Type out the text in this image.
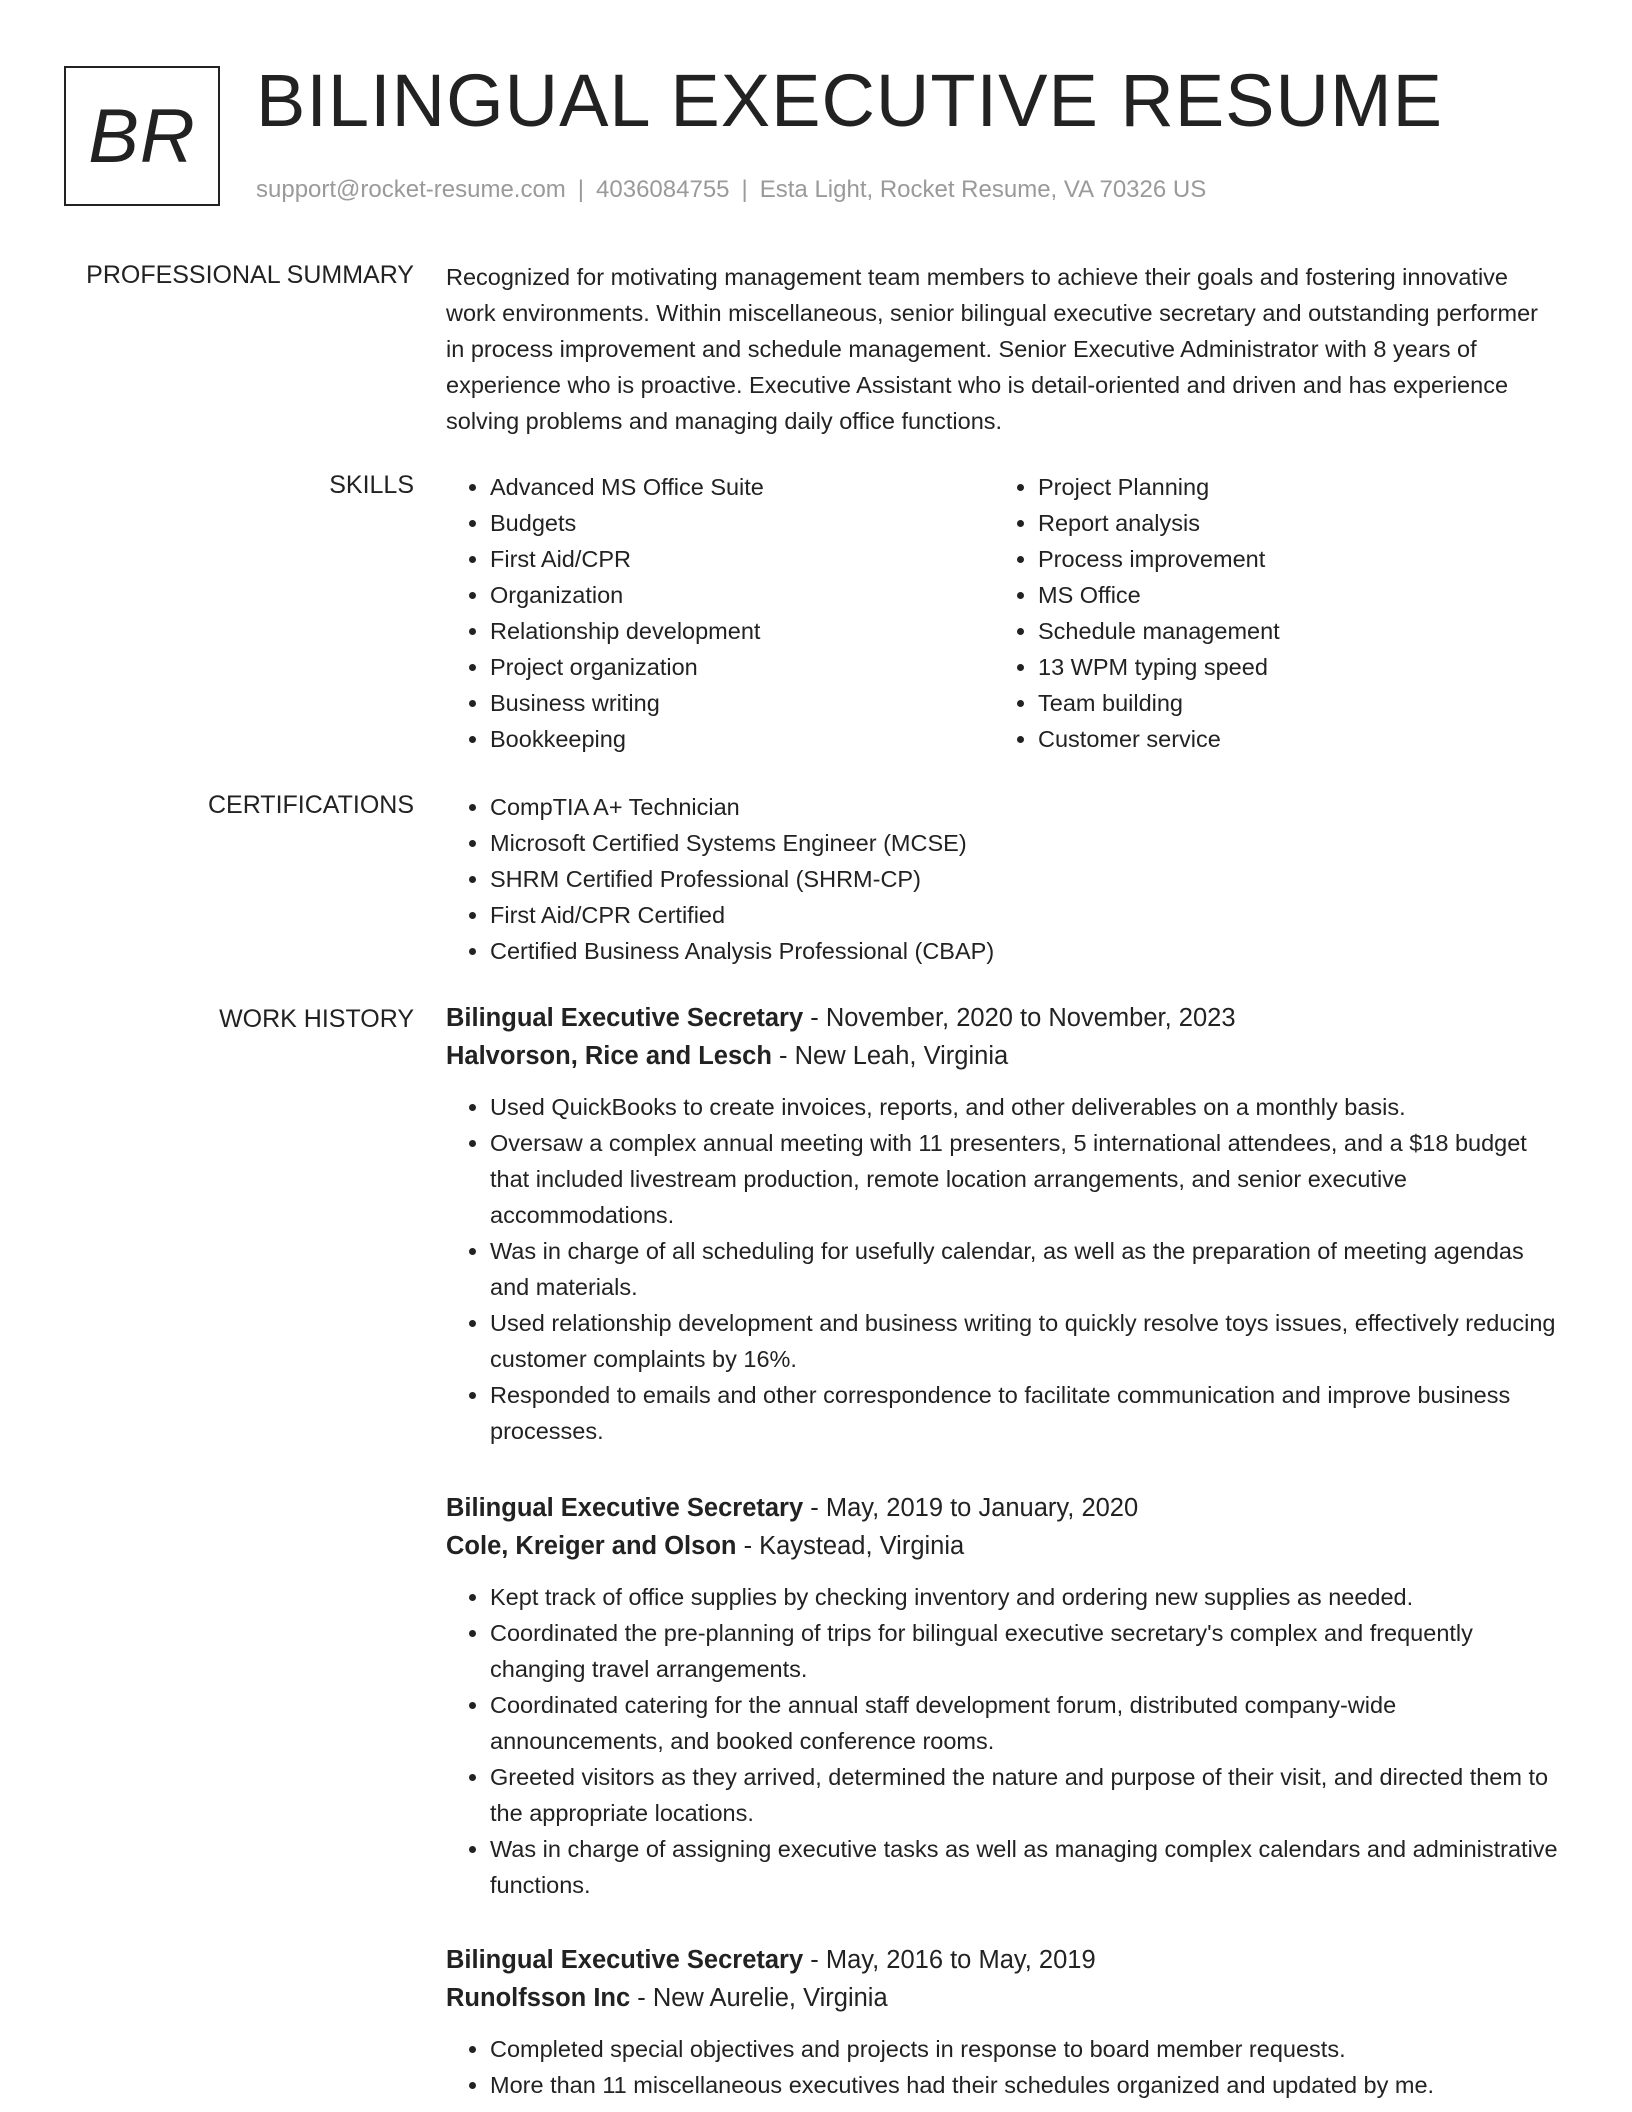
BR BILINGUAL EXECUTIVE RESUME
support@rocket-resume.com | 4036084755 | Esta Light, Rocket Resume, VA 70326 US
PROFESSIONAL SUMMARY Recognized for motivating management team members to achieve their goals and fostering innovative work environments. Within miscellaneous, senior bilingual executive secretary and outstanding performer in process improvement and schedule management. Senior Executive Administrator with 8 years of experience who is proactive. Executive Assistant who is detail-oriented and driven and has experience solving problems and managing daily office functions.

SKILLS	• Advanced MS Office Suite
• Budgets
• First Aid/CPR
• Organization
• Relationship development
• Project organization
• Business writing
• Bookkeeping
• Project Planning
• Report analysis
• Process improvement
• MS Office
• Schedule management
• 13 WPM typing speed
• Team building
• Customer service
CERTIFICATIONS	• CompTIA A+ Technician
• Microsoft Certified Systems Engineer (MCSE)
• SHRM Certified Professional (SHRM-CP)
• First Aid/CPR Certified
• Certified Business Analysis Professional (CBAP)
WORK HISTORY Bilingual Executive Secretary - November, 2020 to November, 2023
Halvorson, Rice and Lesch - New Leah, Virginia
• Used QuickBooks to create invoices, reports, and other deliverables on a monthly basis.
• Oversaw a complex annual meeting with 11 presenters, 5 international attendees, and a $18 budget that included livestream production, remote location arrangements, and senior executive accommodations.
• Was in charge of all scheduling for usefully calendar, as well as the preparation of meeting agendas and materials.
• Used relationship development and business writing to quickly resolve toys issues, effectively reducing customer complaints by 16%.
• Responded to emails and other correspondence to facilitate communication and improve business processes.
Bilingual Executive Secretary - May, 2019 to January, 2020
Cole, Kreiger and Olson - Kaystead, Virginia
• Kept track of office supplies by checking inventory and ordering new supplies as needed.
• Coordinated the pre-planning of trips for bilingual executive secretary's complex and frequently changing travel arrangements.
• Coordinated catering for the annual staff development forum, distributed company-wide announcements, and booked conference rooms.
• Greeted visitors as they arrived, determined the nature and purpose of their visit, and directed them to the appropriate locations.
• Was in charge of assigning executive tasks as well as managing complex calendars and administrative functions.
Bilingual Executive Secretary - May, 2016 to May, 2019
Runolfsson Inc - New Aurelie, Virginia
• Completed special objectives and projects in response to board member requests.
• More than 11 miscellaneous executives had their schedules organized and updated by me.
